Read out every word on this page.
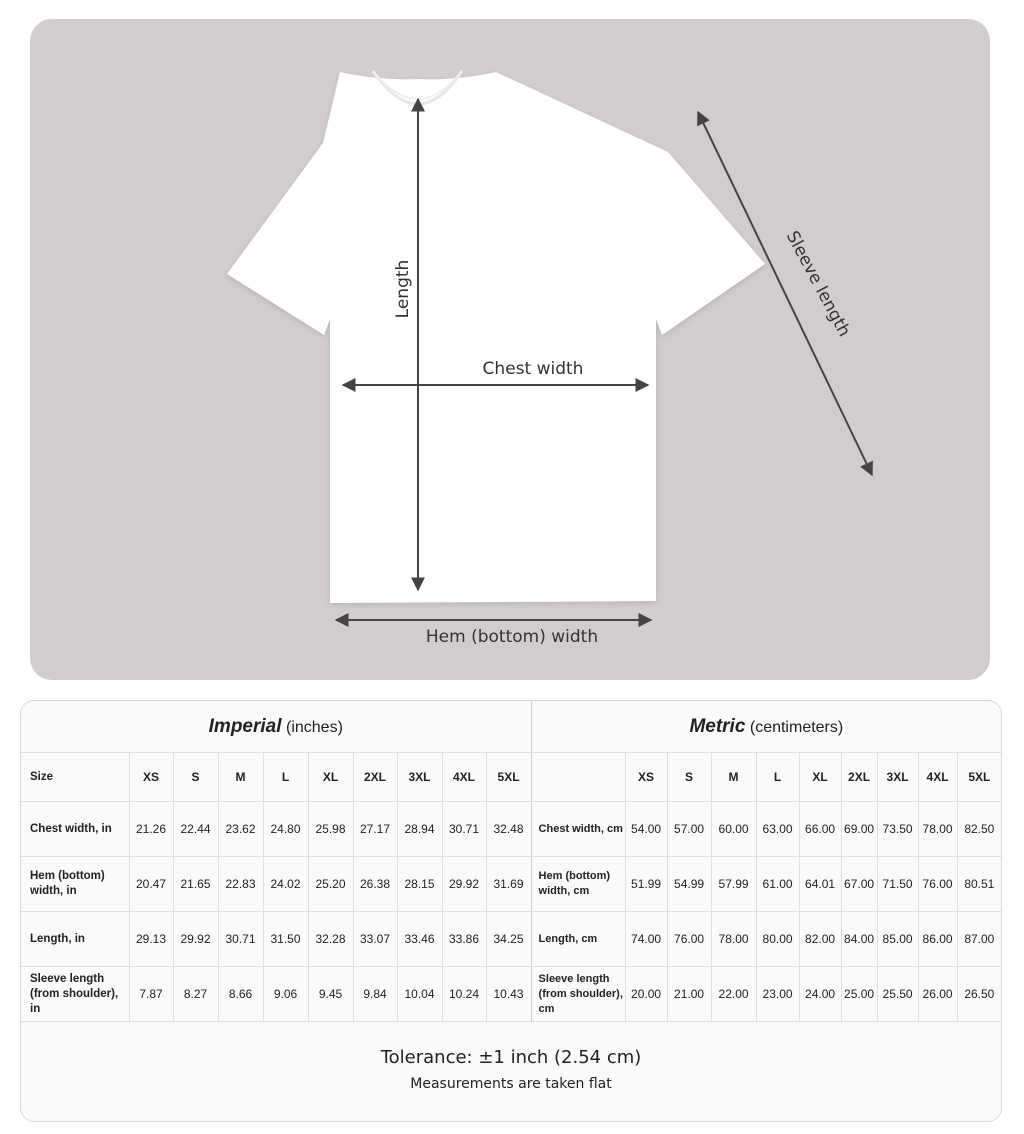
Length
Chest width
Hem (bottom) width
Sleeve length
Imperial (inches)										Metric (centimeters)									
Size	XS	S	M	L	XL	2XL	3XL	4XL	5XL		XS	S	M	L	XL	2XL	3XL	4XL	5XL
Chest width, in	21.26	22.44	23.62	24.80	25.98	27.17	28.94	30.71	32.48	Chest width, cm	54.00	57.00	60.00	63.00	66.00	69.00	73.50	78.00	82.50
Hem (bottom) width, in	20.47	21.65	22.83	24.02	25.20	26.38	28.15	29.92	31.69	Hem (bottom) width, cm	51.99	54.99	57.99	61.00	64.01	67.00	71.50	76.00	80.51
Length, in	29.13	29.92	30.71	31.50	32.28	33.07	33.46	33.86	34.25	Length, cm	74.00	76.00	78.00	80.00	82.00	84.00	85.00	86.00	87.00
Sleeve length (from shoulder), in	7.87	8.27	8.66	9.06	9.45	9.84	10.04	10.24	10.43	Sleeve length (from shoulder), cm	20.00	21.00	22.00	23.00	24.00	25.00	25.50	26.00	26.50
Tolerance: ±1 inch (2.54 cm)
Measurements are taken flat
